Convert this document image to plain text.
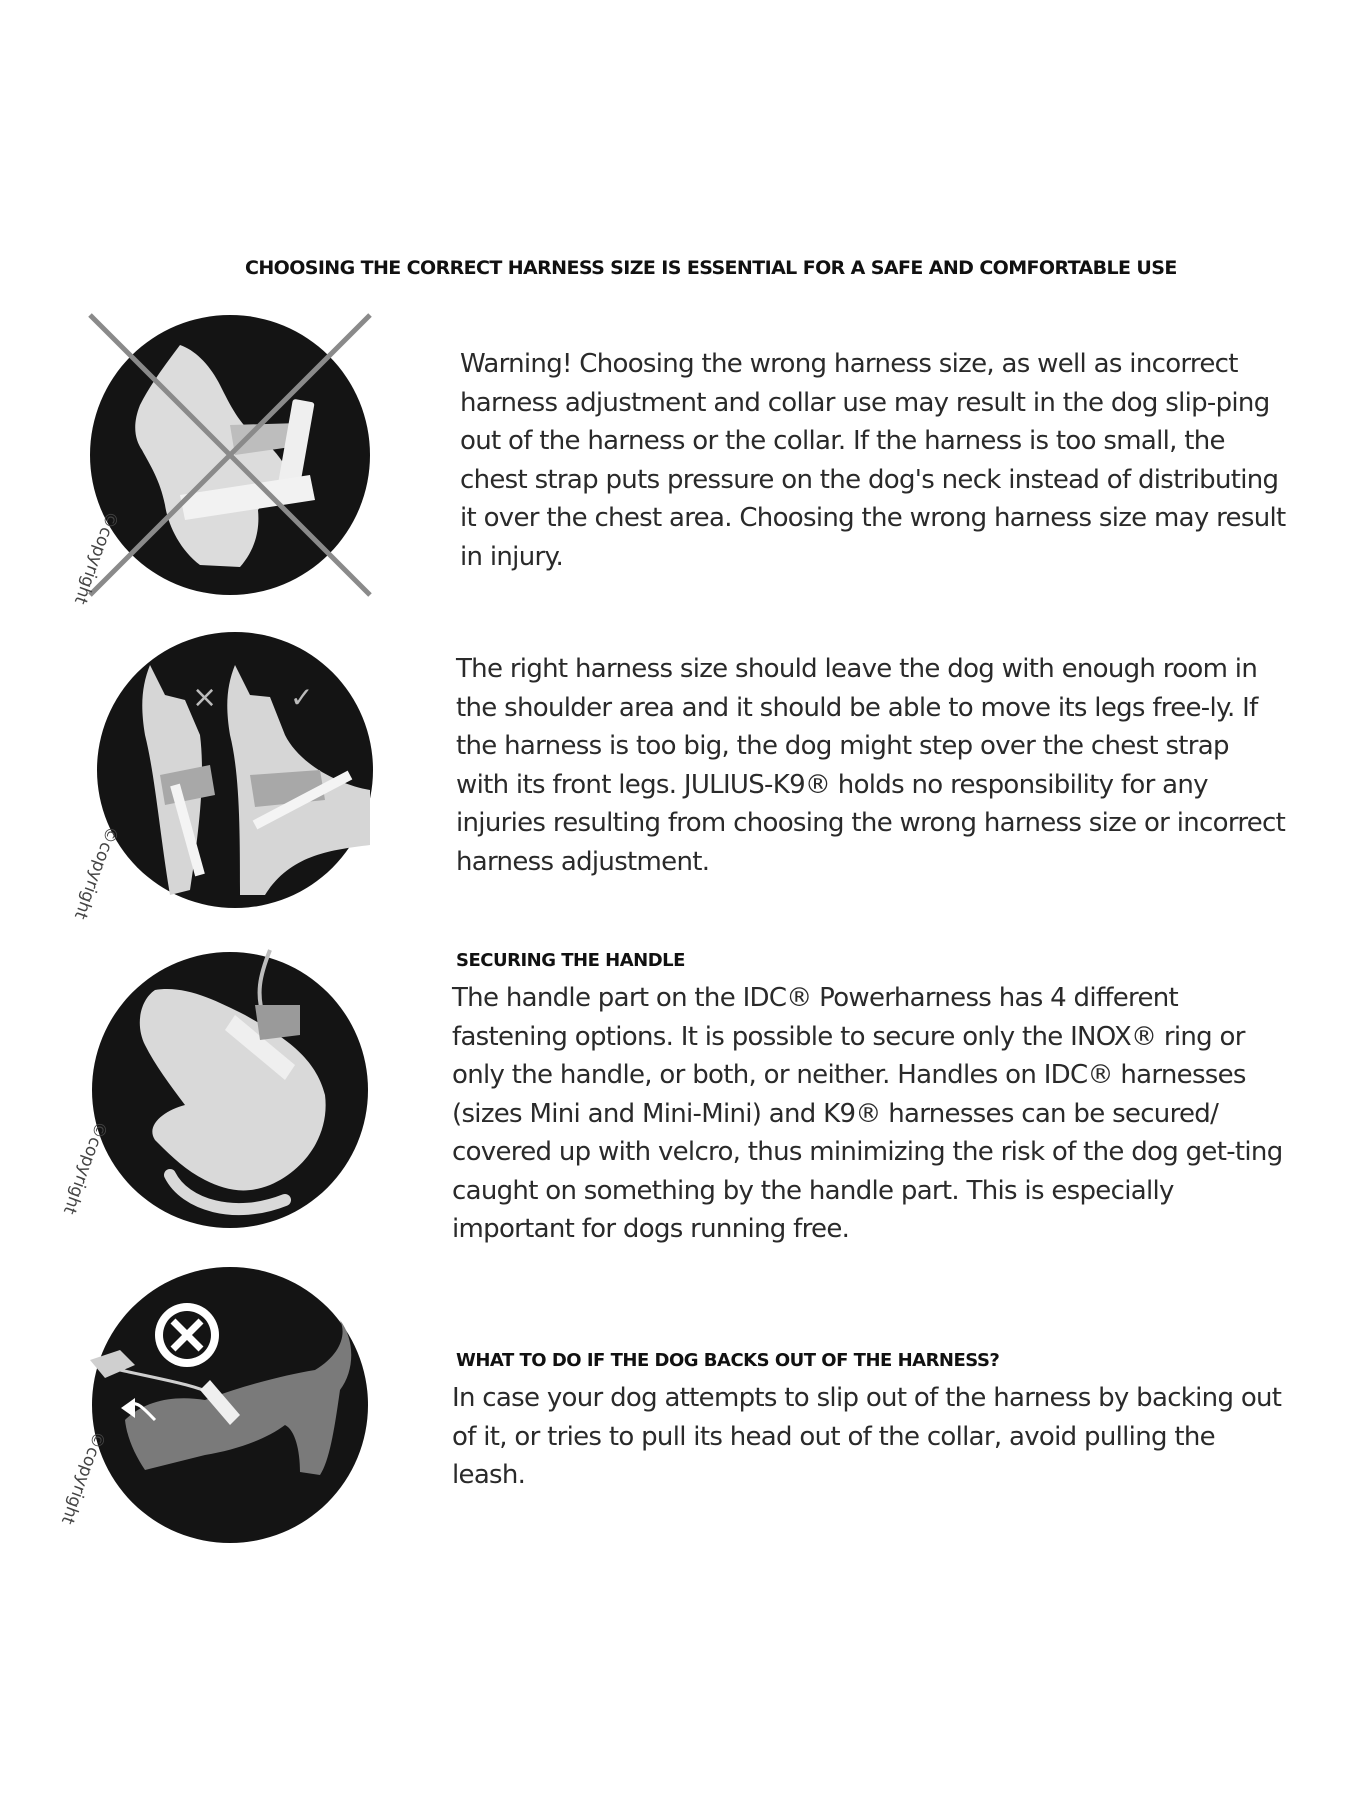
CHOOSING THE CORRECT HARNESS SIZE IS ESSENTIAL FOR A SAFE AND COMFORTABLE USE
©copyright

Warning! Choosing the wrong harness size, as well as incorrect harness adjustment and collar use may result in the dog slip-ping out of the harness or the collar. If the harness is too small, the chest strap puts pressure on the dog's neck instead of distributing it over the chest area. Choosing the wrong harness size may result in injury.

×	✓
©copyright

The right harness size should leave the dog with enough room in the shoulder area and it should be able to move its legs free-ly. If the harness is too big, the dog might step over the chest strap with its front legs. JULIUS-K9® holds no responsibility for any injuries resulting from choosing the wrong harness size or incorrect harness adjustment.

©copyright
SECURING THE HANDLE

The handle part on the IDC® Powerharness has 4 different fastening options. It is possible to secure only the INOX® ring or only the handle, or both, or neither. Handles on IDC® harnesses (sizes Mini and Mini-Mini) and K9® harnesses can be secured/ covered up with velcro, thus minimizing the risk of the dog get-ting caught on something by the handle part. This is especially important for dogs running free.

©copyright
WHAT TO DO IF THE DOG BACKS OUT OF THE HARNESS?

In case your dog attempts to slip out of the harness by backing out of it, or tries to pull its head out of the collar, avoid pulling the leash.
